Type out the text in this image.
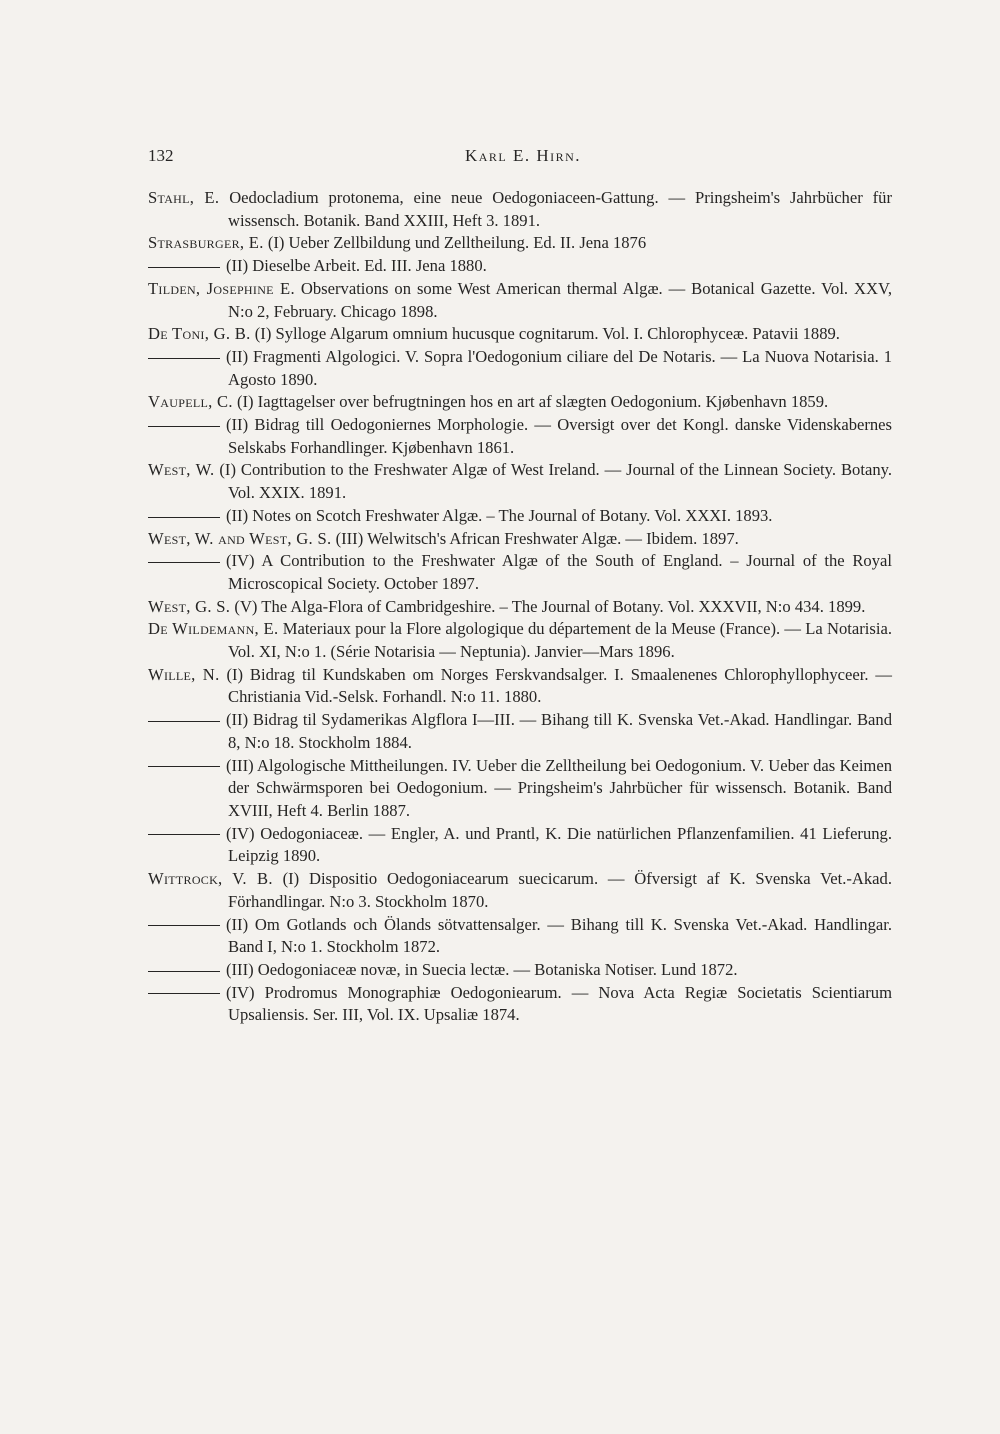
132	Karl E. Hirn.
Stahl, E. Oedocladium protonema, eine neue Oedogoniaceen-Gattung. — Pringsheim's Jahrbücher für wissensch. Botanik. Band XXIII, Heft 3. 1891.
Strasburger, E. (I) Ueber Zellbildung und Zelltheilung. Ed. II. Jena 1876
(II) Dieselbe Arbeit. Ed. III. Jena 1880.
Tilden, Josephine E. Observations on some West American thermal Algæ. — Botanical Gazette. Vol. XXV, N:o 2, February. Chicago 1898.
De Toni, G. B. (I) Sylloge Algarum omnium hucusque cognitarum. Vol. I. Chlorophyceæ. Patavii 1889.
(II) Fragmenti Algologici. V. Sopra l'Oedogonium ciliare del De Notaris. — La Nuova Notarisia. 1 Agosto 1890.
Vaupell, C. (I) Iagttagelser over befrugtningen hos en art af slægten Oedogonium. Kjøbenhavn 1859.
(II) Bidrag till Oedogoniernes Morphologie. — Oversigt over det Kongl. danske Videnskabernes Selskabs Forhandlinger. Kjøbenhavn 1861.
West, W. (I) Contribution to the Freshwater Algæ of West Ireland. — Journal of the Linnean Society. Botany. Vol. XXIX. 1891.
(II) Notes on Scotch Freshwater Algæ. – The Journal of Botany. Vol. XXXI. 1893.
West, W. and West, G. S. (III) Welwitsch's African Freshwater Algæ. — Ibidem. 1897.
(IV) A Contribution to the Freshwater Algæ of the South of England. – Journal of the Royal Microscopical Society. October 1897.
West, G. S. (V) The Alga-Flora of Cambridgeshire. – The Journal of Botany. Vol. XXXVII, N:o 434. 1899.
De Wildemann, E. Materiaux pour la Flore algologique du département de la Meuse (France). — La Notarisia. Vol. XI, N:o 1. (Série Notarisia — Neptunia). Janvier—Mars 1896.
Wille, N. (I) Bidrag til Kundskaben om Norges Ferskvandsalger. I. Smaalenenes Chlorophyllophyceer. — Christiania Vid.-Selsk. Forhandl. N:o 11. 1880.
(II) Bidrag til Sydamerikas Algflora I—III. — Bihang till K. Svenska Vet.-Akad. Handlingar. Band 8, N:o 18. Stockholm 1884.
(III) Algologische Mittheilungen. IV. Ueber die Zelltheilung bei Oedogonium. V. Ueber das Keimen der Schwärmsporen bei Oedogonium. — Pringsheim's Jahrbücher für wissensch. Botanik. Band XVIII, Heft 4. Berlin 1887.
(IV) Oedogoniaceæ. — Engler, A. und Prantl, K. Die natürlichen Pflanzenfamilien. 41 Lieferung. Leipzig 1890.
Wittrock, V. B. (I) Dispositio Oedogoniacearum suecicarum. — Öfversigt af K. Svenska Vet.-Akad. Förhandlingar. N:o 3. Stockholm 1870.
(II) Om Gotlands och Ölands sötvattensalger. — Bihang till K. Svenska Vet.-Akad. Handlingar. Band I, N:o 1. Stockholm 1872.
(III) Oedogoniaceæ novæ, in Suecia lectæ. — Botaniska Notiser. Lund 1872.
(IV) Prodromus Monographiæ Oedogoniearum. — Nova Acta Regiæ Societatis Scientiarum Upsaliensis. Ser. III, Vol. IX. Upsaliæ 1874.
